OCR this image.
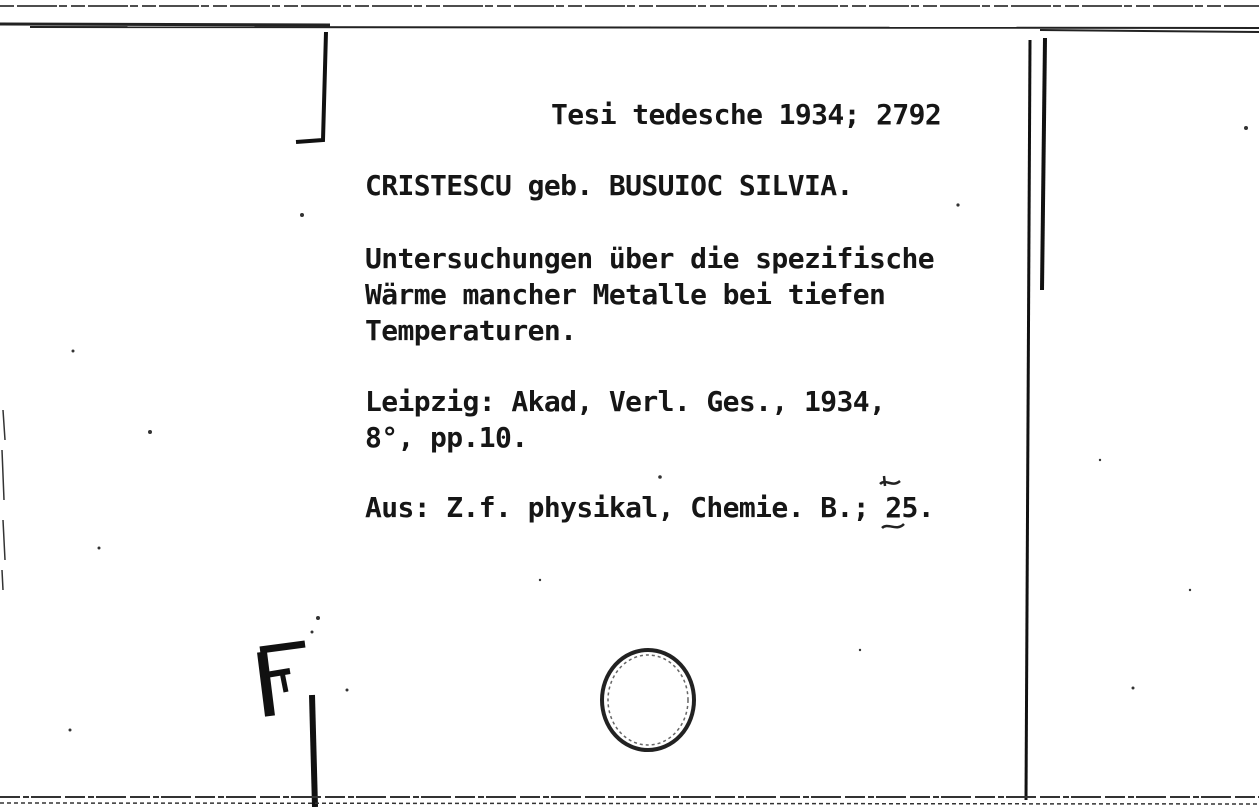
Tesi tedesche 1934; 2792
CRISTESCU geb. BUSUIOC SILVIA.
Untersuchungen über die spezifische
Wärme mancher Metalle bei tiefen
Temperaturen.
Leipzig: Akad, Verl. Ges., 1934,
8°, pp.10.
Aus: Z.f. physikal, Chemie. B.; 25.
